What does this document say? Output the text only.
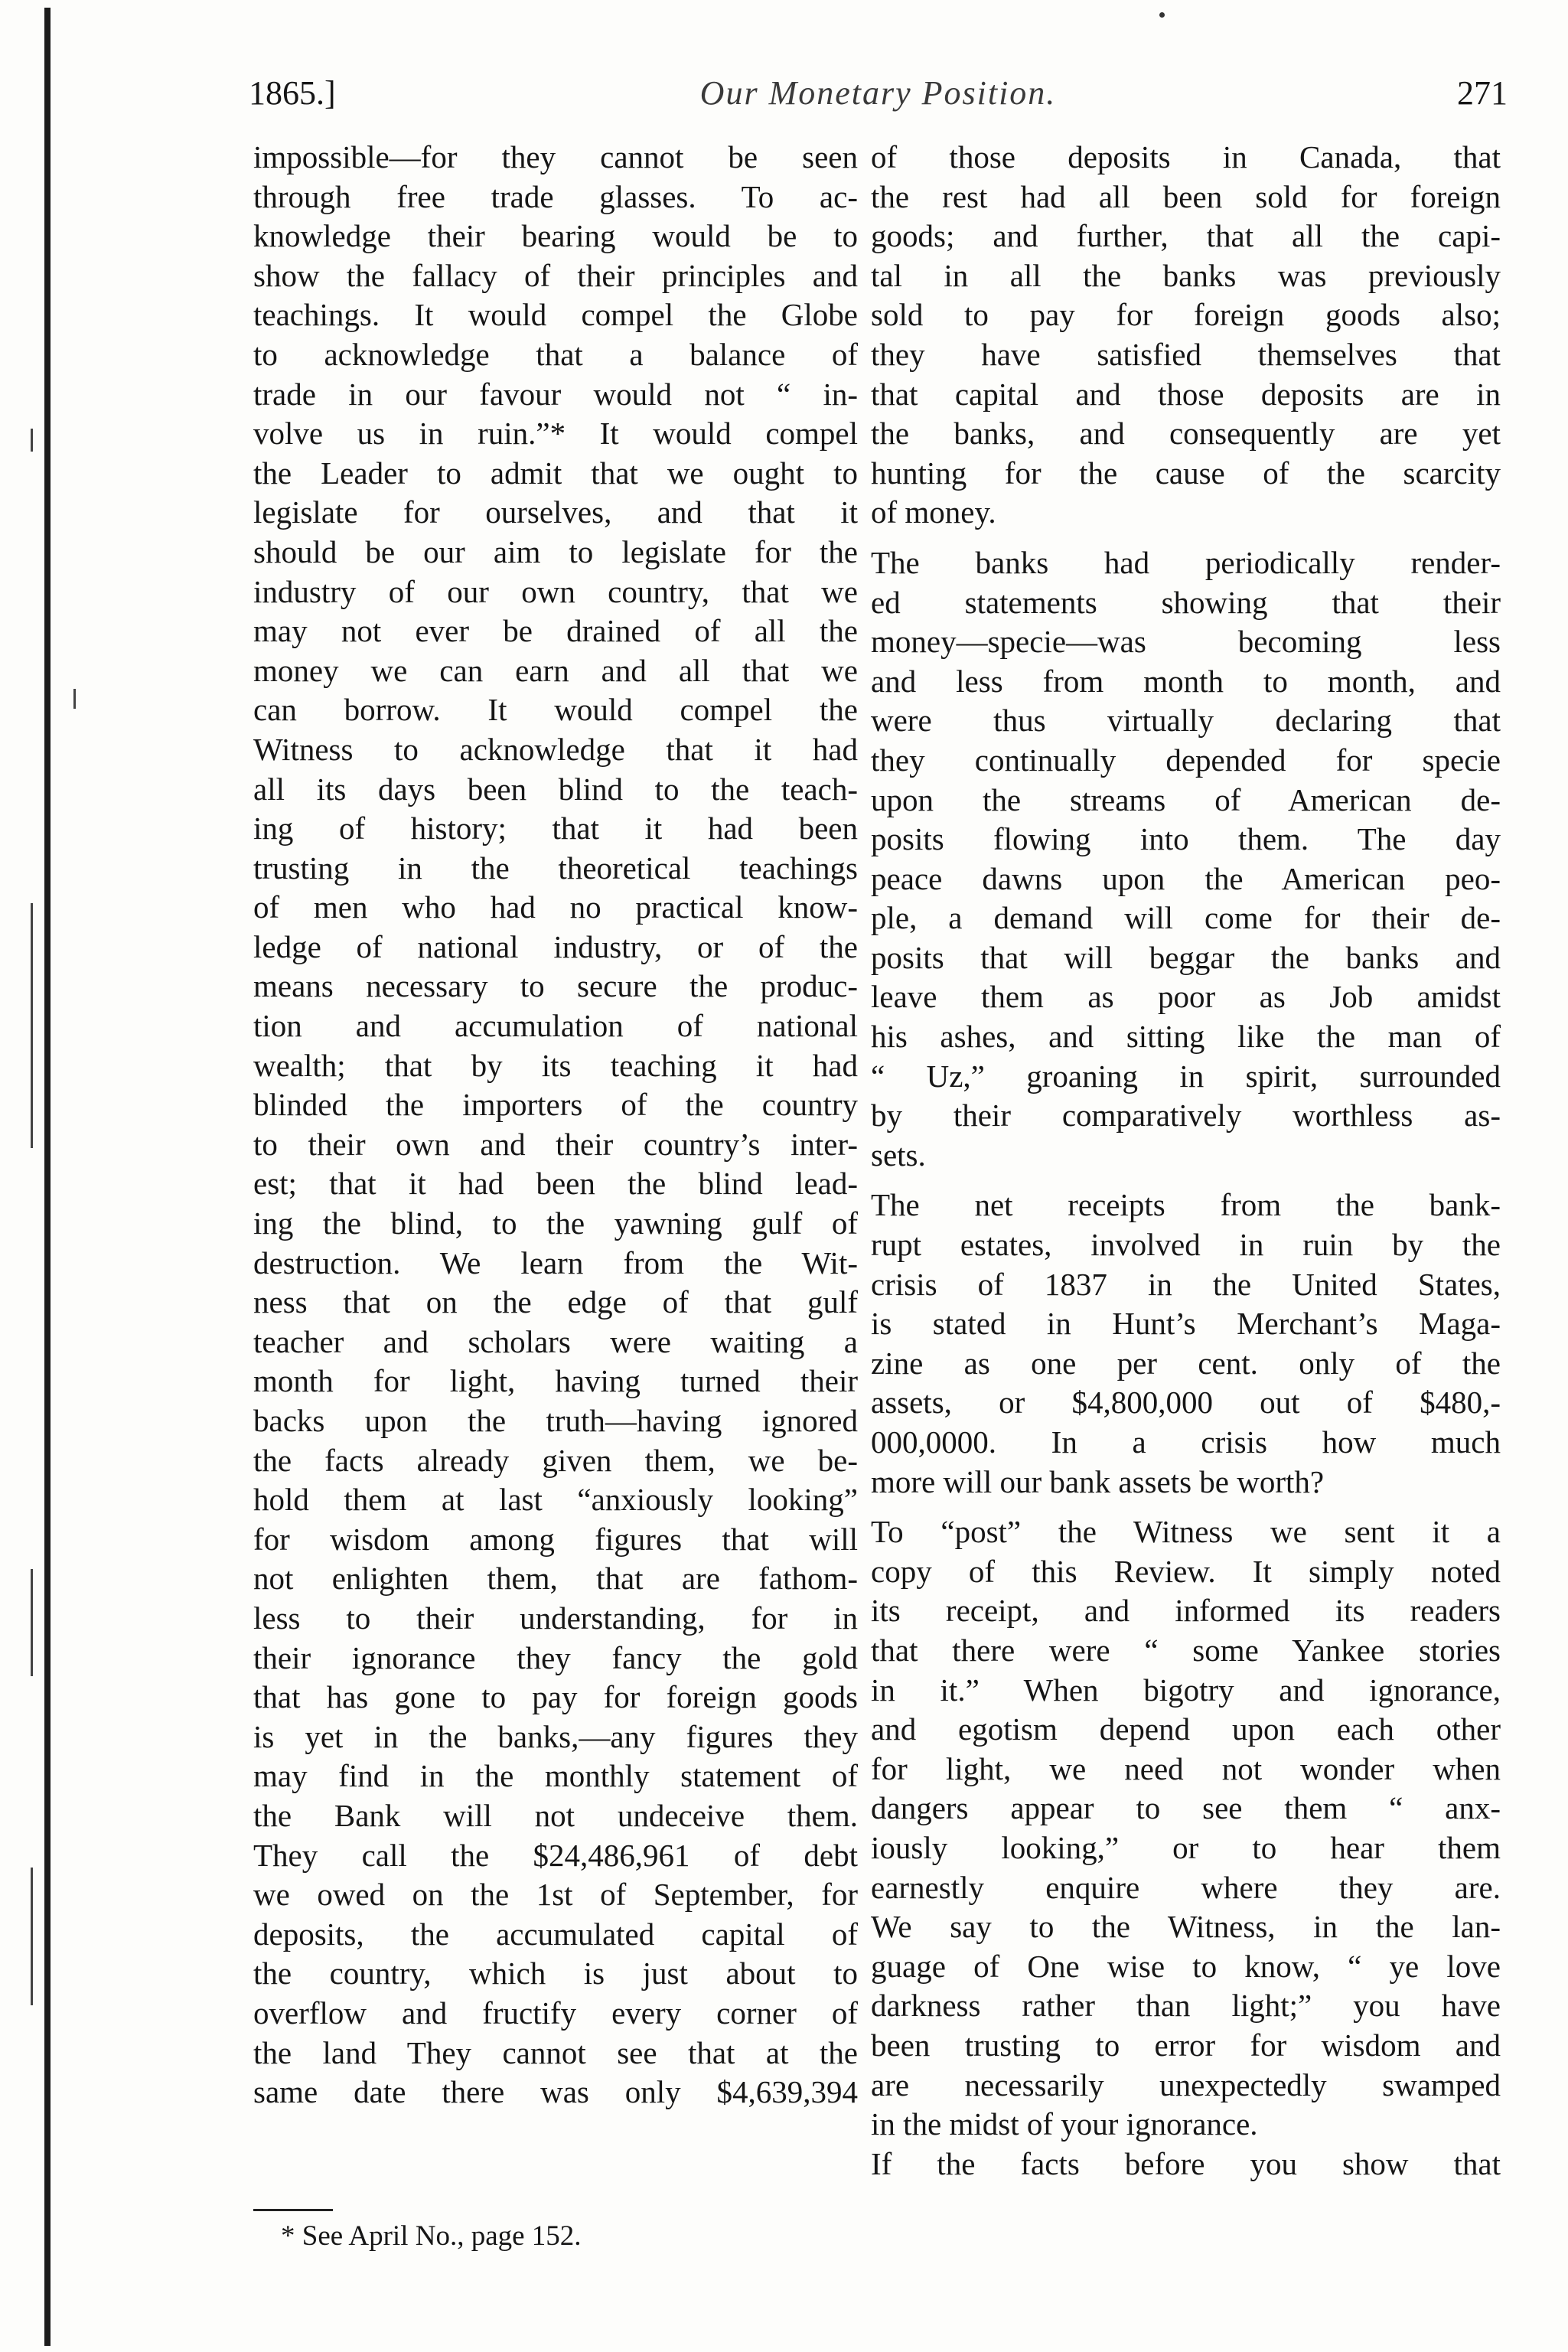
1865.]	Our Monetary Position.	271
impossible—for they cannot be seen
through free trade glasses. To ac-
knowledge their bearing would be to
show the fallacy of their principles and
teachings. It would compel the Globe
to acknowledge that a balance of
trade in our favour would not “ in-
volve us in ruin.”* It would compel
the Leader to admit that we ought to
legislate for ourselves, and that it
should be our aim to legislate for the
industry of our own country, that we
may not ever be drained of all the
money we can earn and all that we
can borrow. It would compel the
Witness to acknowledge that it had
all its days been blind to the teach-
ing of history; that it had been
trusting in the theoretical teachings
of men who had no practical know-
ledge of national industry, or of the
means necessary to secure the produc-
tion and accumulation of national
wealth; that by its teaching it had
blinded the importers of the country
to their own and their country’s inter-
est; that it had been the blind lead-
ing the blind, to the yawning gulf of
destruction. We learn from the Wit-
ness that on the edge of that gulf
teacher and scholars were waiting a
month for light, having turned their
backs upon the truth—having ignored
the facts already given them, we be-
hold them at last “anxiously looking”
for wisdom among figures that will
not enlighten them, that are fathom-
less to their understanding, for in
their ignorance they fancy the gold
that has gone to pay for foreign goods
is yet in the banks,—any figures they
may find in the monthly statement of
the Bank will not undeceive them.
They call the $24,486,961 of debt
we owed on the 1st of September, for
deposits, the accumulated capital of
the country, which is just about to
overflow and fructify every corner of
the land They cannot see that at the
same date there was only $4,639,394
of those deposits in Canada, that
the rest had all been sold for foreign
goods; and further, that all the capi-
tal in all the banks was previously
sold to pay for foreign goods also;
they have satisfied themselves that
that capital and those deposits are in
the banks, and consequently are yet
hunting for the cause of the scarcity
of money.
The banks had periodically render-
ed statements showing that their
money—specie—was becoming less
and less from month to month, and
were thus virtually declaring that
they continually depended for specie
upon the streams of American de-
posits flowing into them. The day
peace dawns upon the American peo-
ple, a demand will come for their de-
posits that will beggar the banks and
leave them as poor as Job amidst
his ashes, and sitting like the man of
“ Uz,” groaning in spirit, surrounded
by their comparatively worthless as-
sets.
The net receipts from the bank-
rupt estates, involved in ruin by the
crisis of 1837 in the United States,
is stated in Hunt’s Merchant’s Maga-
zine as one per cent. only of the
assets, or $4,800,000 out of $480,-
000,0000. In a crisis how much
more will our bank assets be worth?
To “post” the Witness we sent it a
copy of this Review. It simply noted
its receipt, and informed its readers
that there were “ some Yankee stories
in it.” When bigotry and ignorance,
and egotism depend upon each other
for light, we need not wonder when
dangers appear to see them “ anx-
iously looking,” or to hear them
earnestly enquire where they are.
We say to the Witness, in the lan-
guage of One wise to know, “ ye love
darkness rather than light;” you have
been trusting to error for wisdom and
are necessarily unexpectedly swamped
in the midst of your ignorance.
If the facts before you show that
* See April No., page 152.
